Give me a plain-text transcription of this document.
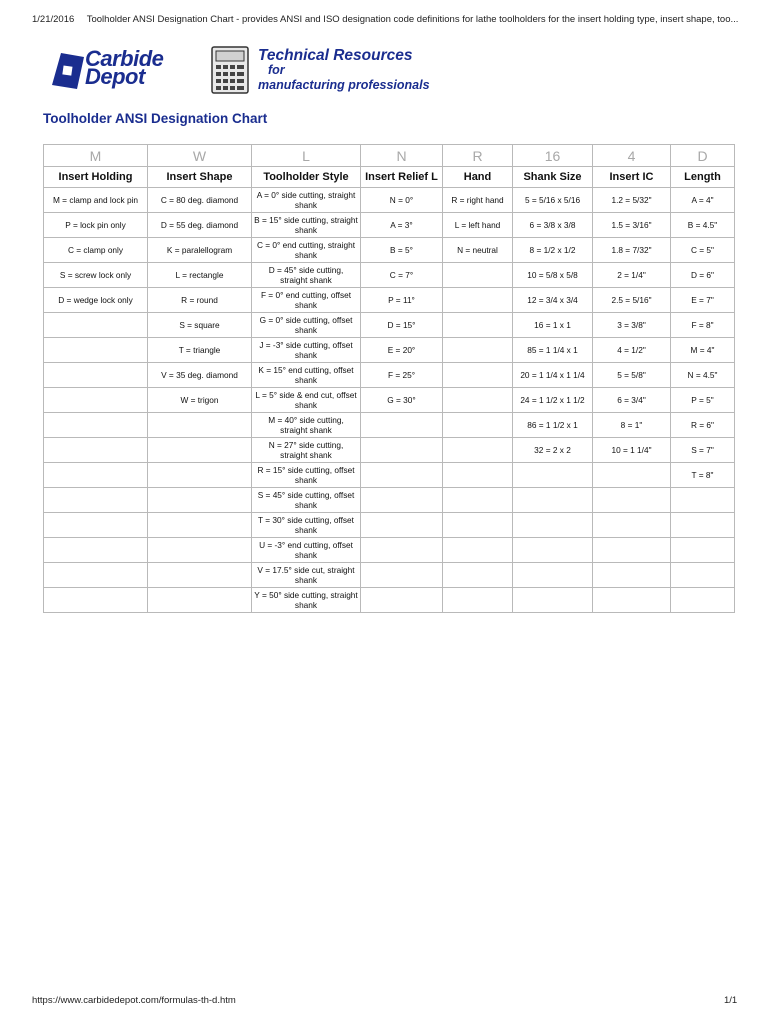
1/21/2016 Toolholder ANSI Designation Chart - provides ANSI and ISO designation code definitions for lathe toolholders for the insert holding type, insert shape, too...
Carbide
Depot
Technical Resources
for
manufacturing professionals
Toolholder ANSI Designation Chart
M	W	L	N	R	16	4	D
Insert Holding	Insert Shape	Toolholder Style	Insert Relief L	Hand	Shank Size	Insert IC	Length
M = clamp and lock pin	C = 80 deg. diamond	A = 0° side cutting, straight shank	N = 0°	R = right hand	5 = 5/16 x 5/16	1.2 = 5/32"	A = 4"
P = lock pin only	D = 55 deg. diamond	B = 15° side cutting, straight shank	A = 3°	L = left hand	6 = 3/8 x 3/8	1.5 = 3/16"	B = 4.5"
C = clamp only	K = paralellogram	C = 0° end cutting, straight shank	B = 5°	N = neutral	8 = 1/2 x 1/2	1.8 = 7/32"	C = 5"
S = screw lock only	L = rectangle	D = 45° side cutting, straight shank	C = 7°		10 = 5/8 x 5/8	2 = 1/4"	D = 6"
D = wedge lock only	R = round	F = 0° end cutting, offset shank	P = 11°		12 = 3/4 x 3/4	2.5 = 5/16"	E = 7"
	S = square	G = 0° side cutting, offset shank	D = 15°		16 = 1 x 1	3 = 3/8"	F = 8"
	T = triangle	J = -3° side cutting, offset shank	E = 20°		85 = 1 1/4 x 1	4 = 1/2"	M = 4"
	V = 35 deg. diamond	K = 15° end cutting, offset shank	F = 25°		20 = 1 1/4 x 1 1/4	5 = 5/8"	N = 4.5"
	W = trigon	L = 5° side & end cut, offset shank	G = 30°		24 = 1 1/2 x 1 1/2	6 = 3/4"	P = 5"
		M = 40° side cutting, straight shank			86 = 1 1/2 x 1	8 = 1"	R = 6"
		N = 27° side cutting, straight shank			32 = 2 x 2	10 = 1 1/4"	S = 7"
		R = 15° side cutting, offset shank					T = 8"
		S = 45° side cutting, offset shank					
		T = 30° side cutting, offset shank					
		U = -3° end cutting, offset shank					
		V = 17.5° side cut, straight shank					
		Y = 50° side cutting, straight shank					
https://www.carbidedepot.com/formulas-th-d.htm	1/1
